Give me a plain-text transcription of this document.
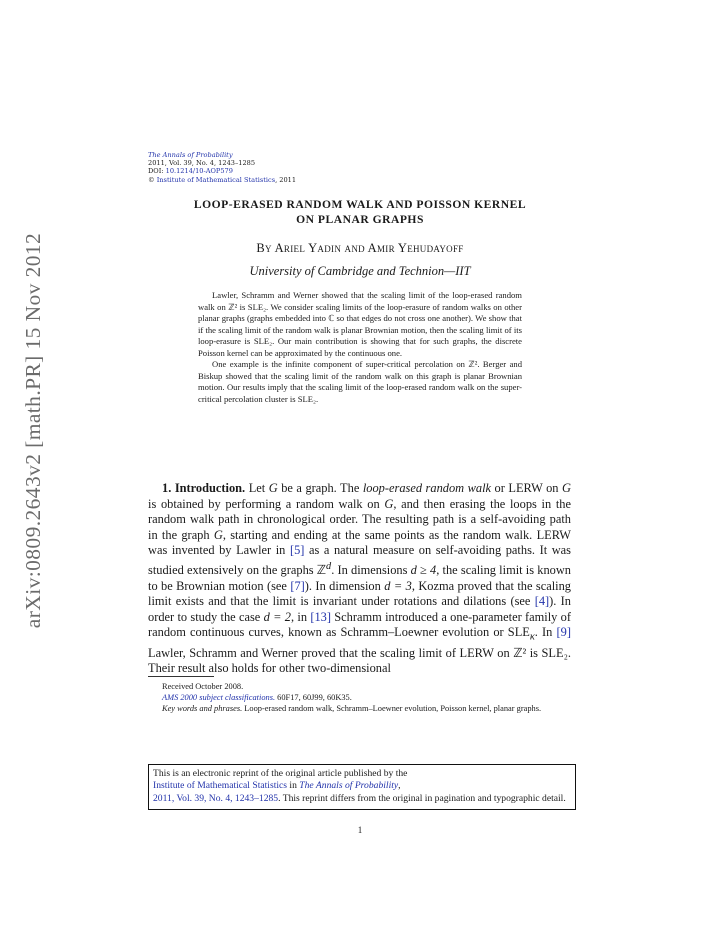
arXiv:0809.2643v2 [math.PR] 15 Nov 2012
The Annals of Probability
2011, Vol. 39, No. 4, 1243–1285
DOI: 10.1214/10-AOP579
© Institute of Mathematical Statistics, 2011
LOOP-ERASED RANDOM WALK AND POISSON KERNEL
ON PLANAR GRAPHS
By Ariel Yadin and Amir Yehudayoff
University of Cambridge and Technion—IIT

Lawler, Schramm and Werner showed that the scaling limit of the loop-erased random walk on ℤ² is SLE₂. We consider scaling limits of the loop-erasure of random walks on other planar graphs (graphs embedded into ℂ so that edges do not cross one another). We show that if the scaling limit of the random walk is planar Brownian motion, then the scaling limit of its loop-erasure is SLE₂. Our main contribution is showing that for such graphs, the discrete Poisson kernel can be approximated by the continuous one.

One example is the infinite component of super-critical percolation on ℤ². Berger and Biskup showed that the scaling limit of the random walk on this graph is planar Brownian motion. Our results imply that the scaling limit of the loop-erased random walk on the super-critical percolation cluster is SLE₂.

1. Introduction. Let G be a graph. The loop-erased random walk or LERW on G is obtained by performing a random walk on G, and then erasing the loops in the random walk path in chronological order. The resulting path is a self-avoiding path in the graph G, starting and ending at the same points as the random walk. LERW was invented by Lawler in [5] as a natural measure on self-avoiding paths. It was studied extensively on the graphs ℤ$^d$. In dimensions d ≥ 4, the scaling limit is known to be Brownian motion (see [7]). In dimension d = 3, Kozma proved that the scaling limit exists and that the limit is invariant under rotations and dilations (see [4]). In order to study the case d = 2, in [13] Schramm introduced a one-parameter family of random continuous curves, known as Schramm–Loewner evolution or $SLE_\kappa$. In [9] Lawler, Schramm and Werner proved that the scaling limit of LERW on ℤ² is SLE₂. Their result also holds for other two-dimensional

Received October 2008.

AMS 2000 subject classifications. 60F17, 60J99, 60K35.

Key words and phrases. Loop-erased random walk, Schramm–Loewner evolution, Poisson kernel, planar graphs.

This is an electronic reprint of the original article published by the
Institute of Mathematical Statistics in The Annals of Probability,
2011, Vol. 39, No. 4, 1243–1285. This reprint differs from the original in pagination and typographic detail.
1
